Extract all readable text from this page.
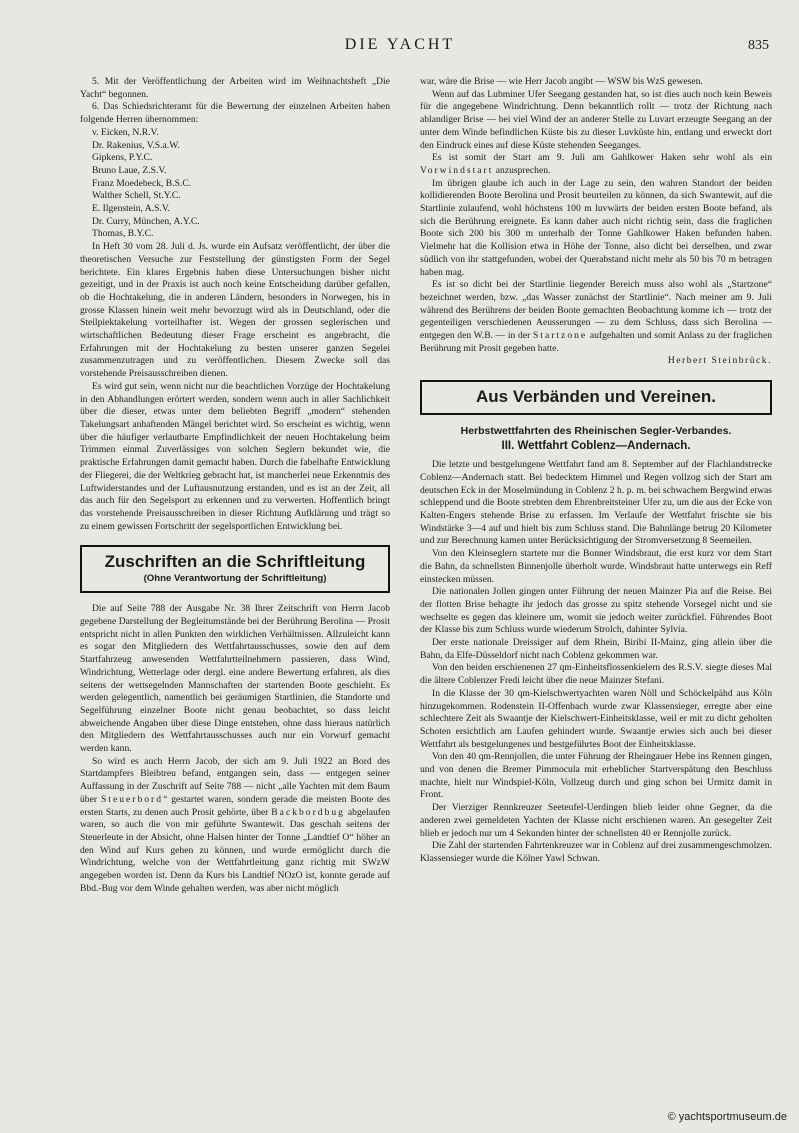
DIE YACHT	835

5. Mit der Veröffentlichung der Arbeiten wird im Weihnachtsheft „Die Yacht“ begonnen.

6. Das Schiedsrichteramt für die Bewertung der einzelnen Arbeiten haben folgende Herren übernommen:

v. Eicken, N.R.V.
Dr. Rakenius, V.S.a.W.
Gipkens, P.Y.C.
Bruno Laue, Z.S.V.
Franz Moedebeck, B.S.C.
Walther Schell, St.Y.C.
E. Ilgenstein, A.S.V.
Dr. Curry, München, A.Y.C.
Thomas, B.Y.C.

In Heft 30 vom 28. Juli d. Js. wurde ein Aufsatz veröffentlicht, der über die theoretischen Versuche zur Feststellung der günstigsten Form der Segel berichtete. Ein klares Ergebnis haben diese Untersuchungen bisher nicht gezeitigt, und in der Praxis ist auch noch keine Entscheidung darüber gefallen, ob die Hochtakelung, die in anderen Ländern, besonders in Norwegen, bis in grosse Klassen hinein weit mehr bevorzugt wird als in Deutschland, oder die Steilpiektakelung vorteilhafter ist. Wegen der grossen seglerischen und wirtschaftlichen Bedeutung dieser Frage erscheint es angebracht, die Erfahrungen mit der Hochtakelung zu besten unserer ganzen Segelei zusammenzutragen und zu veröffentlichen. Diesem Zwecke soll das vorstehende Preisausschreiben dienen.

Es wird gut sein, wenn nicht nur die beachtlichen Vorzüge der Hochtakelung in den Abhandlungen erörtert werden, sondern wenn auch in aller Sachlichkeit über die dieser, etwas unter dem beliebten Begriff „modern“ stehenden Takelungsart anhaftenden Mängel berichtet wird. So erscheint es wichtig, wenn über die häufiger verlautbarte Empfindlichkeit der neuen Hochtakelung beim Trimmen einmal Zuverlässiges von solchen Seglern bekundet wie, die praktische Erfahrungen damit gemacht haben. Durch die fabelhafte Entwicklung der Fliegerei, die der Weltkrieg gebracht hat, ist mancherlei neue Erkenntnis des Luftwiderstandes und der Luftausnutzung erstanden, und es ist an der Zeit, all das auch für den Segelsport zu erkennen und zu verwerten. Hoffentlich bringt das vorstehende Preisausschreiben in dieser Richtung Aufklärung und trägt so zu einem gewissen Fortschritt der segelsportlichen Entwicklung bei.

Zuschriften an die Schriftleitung
(Ohne Verantwortung der Schriftleitung)

Die auf Seite 788 der Ausgabe Nr. 38 Ihrer Zeitschrift von Herrn Jacob gegebene Darstellung der Begleitumstände bei der Berührung Berolina — Prosit entspricht nicht in allen Punkten den wirklichen Verhältnissen. Allzuleicht kann es sogar den Mitgliedern des Wettfahrtausschusses, sowie den auf dem Startfahrzeug anwesenden Wettfahrtteilnehmern passieren, dass Wind, Windrichtung, Wetterlage oder dergl. eine andere Bewertung erfahren, als dies seitens der wettsegelnden Mannschaften der startenden Boote geschieht. Es werden gelegentlich, namentlich bei geräumigen Startlinien, die Standorte und Segelführung einzelner Boote nicht genau beobachtet, so dass leicht abweichende Angaben über diese Dinge entstehen, ohne dass hieraus natürlich den Mitgliedern des Wettfahrtausschusses auch nur ein Vorwurf gemacht werden kann.

So wird es auch Herrn Jacob, der sich am 9. Juli 1922 an Bord des Startdampfers Bleibtreu befand, entgangen sein, dass — entgegen seiner Auffassung in der Zuschrift auf Seite 788 — nicht „alle Yachten mit dem Baum über Steuerbord“ gestartet waren, sondern gerade die meisten Boote des ersten Starts, zu denen auch Prosit gehörte, über Backbordbug abgelaufen waren, so auch die von mir geführte Swantewit. Das geschah seitens der Steuerleute in der Absicht, ohne Halsen hinter der Tonne „Landtief O“ höher an den Wind auf Kurs gehen zu können, und wurde ermöglicht durch die Windrichtung, welche von der Wettfahrtleitung ganz richtig mit SWzW angegeben worden ist. Denn da Kurs bis Landtief NOzO ist, konnte gerade auf Bbd.-Bug vor dem Winde gehalten werden, was aber nicht möglich

war, wäre die Brise — wie Herr Jacob angibt — WSW bis WzS gewesen.

Wenn auf das Lubminer Ufer Seegang gestanden hat, so ist dies auch noch kein Beweis für die angegebene Windrichtung. Denn bekanntlich rollt — trotz der Richtung nach ablandiger Brise — bei viel Wind der an anderer Stelle zu Luvart erzeugte Seegang an der unter dem Winde befindlichen Küste bis zu dieser Luvküste hin, entlang und erweckt dort den Eindruck eines auf diese Küste stehenden Seeganges.

Es ist somit der Start am 9. Juli am Gahlkower Haken sehr wohl als ein Vorwindstart anzusprechen.

Im übrigen glaube ich auch in der Lage zu sein, den wahren Standort der beiden kollidierenden Boote Berolina und Prosit beurteilen zu können, da sich Swantewit, auf die Startlinie zulaufend, wohl höchstens 100 m luvwärts der beiden ersten Boote befand, als sich die Berührung ereignete. Es kann daher auch nicht richtig sein, dass die fraglichen Boote sich 200 bis 300 m unterhalb der Tonne Gahlkower Haken befunden haben. Vielmehr hat die Kollision etwa in Höhe der Tonne, also dicht bei derselben, und zwar südlich von ihr stattgefunden, wobei der Querabstand nicht mehr als 50 bis 70 m betragen haben mag.

Es ist so dicht bei der Startlinie liegender Bereich muss also wohl als „Startzone“ bezeichnet werden, bzw. „das Wasser zunächst der Startlinie“. Nach meiner am 9. Juli während des Berührens der beiden Boote gemachten Beobachtung komme ich — trotz der gegenteiligen verschiedenen Aeusserungen — zu dem Schluss, dass sich Berolina — entgegen den W.B. — in der Startzone aufgehalten und somit Anlass zu der fraglichen Berührung mit Prosit gegeben hatte.

Herbert Steinbrück.

Aus Verbänden und Vereinen.
Herbstwettfahrten des Rheinischen Segler-Verbandes.
III. Wettfahrt Coblenz—Andernach.

Die letzte und bestgelungene Wettfahrt fand am 8. September auf der Flachlandstrecke Coblenz—Andernach statt. Bei bedecktem Himmel und Regen vollzog sich der Start am deutschen Eck in der Moselmündung in Coblenz 2 h. p. m. bei schwachem Bergwind etwas schleppend und die Boote strebten dem Ehrenbreitsteiner Ufer zu, um die aus der Ecke von Kalten-Engers stehende Brise zu erfassen. Im Verlaufe der Wettfahrt frischte sie bis Windstärke 3—4 auf und hielt bis zum Schluss stand. Die Bahnlänge betrug 20 Kilometer und zur Berechnung kamen unter Berücksichtigung der Stromversetzung 8 Seemeilen.

Von den Kleinseglern startete nur die Bonner Windsbraut, die erst kurz vor dem Start die Bahn, da schnellsten Binnenjolle überholt wurde. Windsbraut hatte unterwegs ein Reff einstecken müssen.

Die nationalen Jollen gingen unter Führung der neuen Mainzer Pia auf die Reise. Bei der flotten Brise behagte ihr jedoch das grosse zu spitz stehende Vorsegel nicht und sie wechselte es gegen das kleinere um, womit sie jedoch weiter zurückfiel. Führendes Boot der Klasse bis zum Schluss wurde wiederum Strolch, dahinter Sylvia.

Der erste nationale Dreissiger auf dem Rhein, Biribi II-Mainz, ging allein über die Bahn, da Elfe-Düsseldorf nicht nach Coblenz gekommen war.

Von den beiden erschienenen 27 qm-Einheitsflossenkielern des R.S.V. siegte dieses Mal die ältere Coblenzer Fredi leicht über die neue Mainzer Stefani.

In die Klasse der 30 qm-Kielschwertyachten waren Nöll und Schöckelpähd aus Köln hinzugekommen. Rodenstein II-Offenbach wurde zwar Klassensieger, erregte aber eine schlechtere Zeit als Swaantje der Kielschwert-Einheitsklasse, weil er mit zu dicht geholten Schoten ersichtlich am Laufen gehindert wurde. Swaantje erwies sich auch bei dieser Wettfahrt als bestgelungenes und bestgeführtes Boot der Einheitsklasse.

Von den 40 qm-Rennjollen, die unter Führung der Rheingauer Hebe ins Rennen gingen, und von denen die Bremer Pimmocula mit erheblicher Startverspätung den Beschluss machte, hielt nur Windspiel-Köln, Vollzeug durch und ging schon bei Urmitz damit in Front.

Der Vierziger Rennkreuzer Seeteufel-Uerdingen blieb leider ohne Gegner, da die anderen zwei gemeldeten Yachten der Klasse nicht erschienen waren. An gesegelter Zeit blieb er jedoch nur um 4 Sekunden hinter der schnellsten 40 er Rennjolle zurück.

Die Zahl der startenden Fahrtenkreuzer war in Coblenz auf drei zusammengeschmolzen. Klassensieger wurde die Kölner Yawl Schwan.

© yachtsportmuseum.de
